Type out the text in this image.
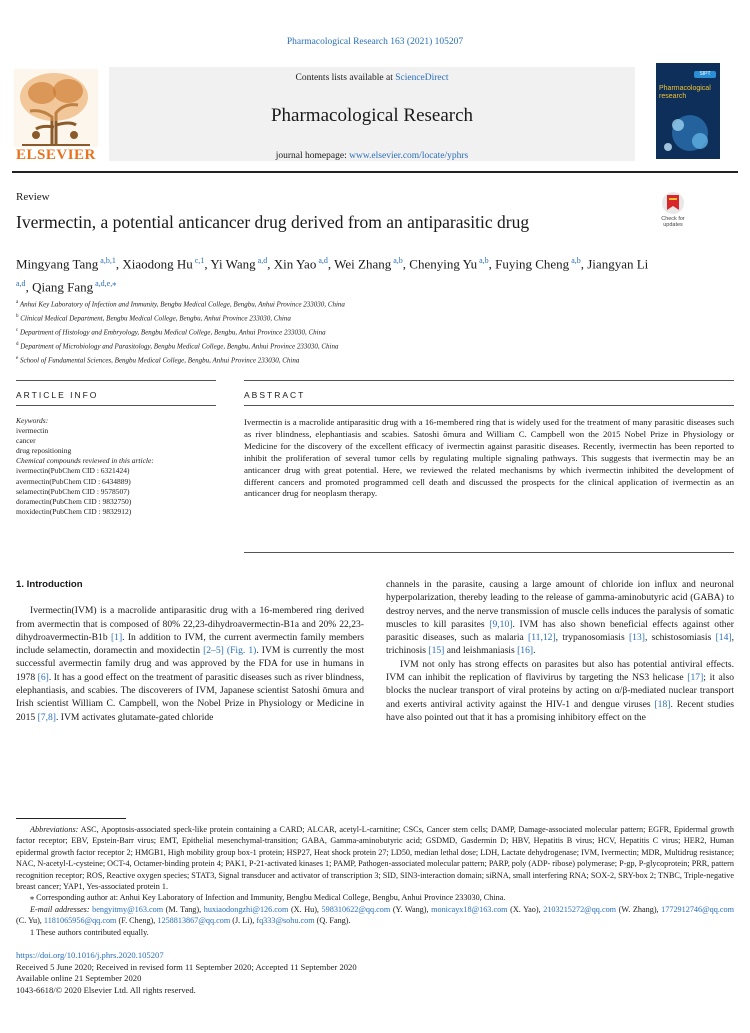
Pharmacological Research 163 (2021) 105207
ELSEVIER
Contents lists available at ScienceDirect
Pharmacological Research
journal homepage: www.elsevier.com/locate/yphrs
SIPT
Pharmacological
research
Review
Ivermectin, a potential anticancer drug derived from an antiparasitic drug	Check for updates
Mingyang Tang $^{a,b,1}$, Xiaodong Hu $^{c,1}$, Yi Wang $^{a,d}$, Xin Yao $^{a,d}$, Wei Zhang $^{a,b}$, Chenying Yu $^{a,b}$, Fuying Cheng $^{a,b}$, Jiangyan Li $^{a,d}$, Qiang Fang $^{a,d,e,⁎}$
$^a$ Anhui Key Laboratory of Infection and Immunity, Bengbu Medical College, Bengbu, Anhui Province 233030, China
$^b$ Clinical Medical Department, Bengbu Medical College, Bengbu, Anhui Province 233030, China
$^c$ Department of Histology and Embryology, Bengbu Medical College, Bengbu, Anhui Province 233030, China
$^d$ Department of Microbiology and Parasitology, Bengbu Medical College, Bengbu, Anhui Province 233030, China
$^e$ School of Fundamental Sciences, Bengbu Medical College, Bengbu, Anhui Province 233030, China
ARTICLE INFO	ABSTRACT
Keywords:
ivermectin
cancer
drug repositioning
Chemical compounds reviewed in this article:
ivermectin(PubChem CID : 6321424)
avermectin(PubChem CID : 6434889)
selamectin(PubChem CID : 9578507)
doramectin(PubChem CID : 9832750)
moxidectin(PubChem CID : 9832912)
Ivermectin is a macrolide antiparasitic drug with a 16-membered ring that is widely used for the treatment of many parasitic diseases such as river blindness, elephantiasis and scabies. Satoshi ōmura and William C. Campbell won the 2015 Nobel Prize in Physiology or Medicine for the discovery of the excellent efficacy of ivermectin against parasitic diseases. Recently, ivermectin has been reported to inhibit the proliferation of several tumor cells by regulating multiple signaling pathways. This suggests that ivermectin may be an anticancer drug with great potential. Here, we reviewed the related mechanisms by which ivermectin inhibited the development of different cancers and promoted programmed cell death and discussed the prospects for the clinical application of ivermectin as an anticancer drug for neoplasm therapy.
1. Introduction

Ivermectin(IVM) is a macrolide antiparasitic drug with a 16-membered ring derived from avermectin that is composed of 80% 22,23-dihydroavermectin-B1a and 20% 22,23-dihydroavermectin-B1b [1]. In addition to IVM, the current avermectin family members include selamectin, doramectin and moxidectin [2–5] (Fig. 1). IVM is currently the most successful avermectin family drug and was approved by the FDA for use in humans in 1978 [6]. It has a good effect on the treatment of parasitic diseases such as river blindness, elephantiasis, and scabies. The discoverers of IVM, Japanese scientist Satoshi ōmura and Irish scientist William C. Campbell, won the Nobel Prize in Physiology or Medicine in 2015 [7,8]. IVM activates glutamate-gated chloride

channels in the parasite, causing a large amount of chloride ion influx and neuronal hyperpolarization, thereby leading to the release of gamma-aminobutyric acid (GABA) to destroy nerves, and the nerve transmission of muscle cells induces the paralysis of somatic muscles to kill parasites [9,10]. IVM has also shown beneficial effects against other parasitic diseases, such as malaria [11,12], trypanosomiasis [13], schistosomiasis [14], trichinosis [15] and leishmaniasis [16].

IVM not only has strong effects on parasites but also has potential antiviral effects. IVM can inhibit the replication of flavivirus by targeting the NS3 helicase [17]; it also blocks the nuclear transport of viral proteins by acting on α/β-mediated nuclear transport and exerts antiviral activity against the HIV-1 and dengue viruses [18]. Recent studies have also pointed out that it has a promising inhibitory effect on the

Abbreviations: ASC, Apoptosis-associated speck-like protein containing a CARD; ALCAR, acetyl-L-carnitine; CSCs, Cancer stem cells; DAMP, Damage-associated molecular pattern; EGFR, Epidermal growth factor receptor; EBV, Epstein-Barr virus; EMT, Epithelial mesenchymal-transition; GABA, Gamma-aminobutyric acid; GSDMD, Gasdermin D; HBV, Hepatitis B virus; HCV, Hepatitis C virus; HER2, Human epidermal growth factor receptor 2; HMGB1, High mobility group box-1 protein; HSP27, Heat shock protein 27; LD50, median lethal dose; LDH, Lactate dehydrogenase; IVM, Ivermectin; MDR, Multidrug resistance; NAC, N-acetyl-L-cysteine; OCT-4, Octamer-binding protein 4; PAK1, P-21-activated kinases 1; PAMP, Pathogen-associated molecular pattern; PARP, poly (ADP- ribose) polymerase; P-gp, P-glycoprotein; PRR, pattern recognition receptor; ROS, Reactive oxygen species; STAT3, Signal transducer and activator of transcription 3; SID, SIN3-interaction domain; siRNA, small interfering RNA; SOX-2, SRY-box 2; TNBC, Triple-negative breast cancer; YAP1, Yes-associated protein 1.

⁎ Corresponding author at: Anhui Key Laboratory of Infection and Immunity, Bengbu Medical College, Bengbu, Anhui Province 233030, China.

E-mail addresses: bengyitmy@163.com (M. Tang), huxiaodongzhi@126.com (X. Hu), 598310622@qq.com (Y. Wang), monicayx18@163.com (X. Yao), 2103215272@qq.com (W. Zhang), 1772912746@qq.com (C. Yu), 1181065956@qq.com (F. Cheng), 1258813867@qq.com (J. Li), fq333@sohu.com (Q. Fang).

1 These authors contributed equally.

https://doi.org/10.1016/j.phrs.2020.105207
Received 5 June 2020; Received in revised form 11 September 2020; Accepted 11 September 2020
Available online 21 September 2020
1043-6618/© 2020 Elsevier Ltd. All rights reserved.
